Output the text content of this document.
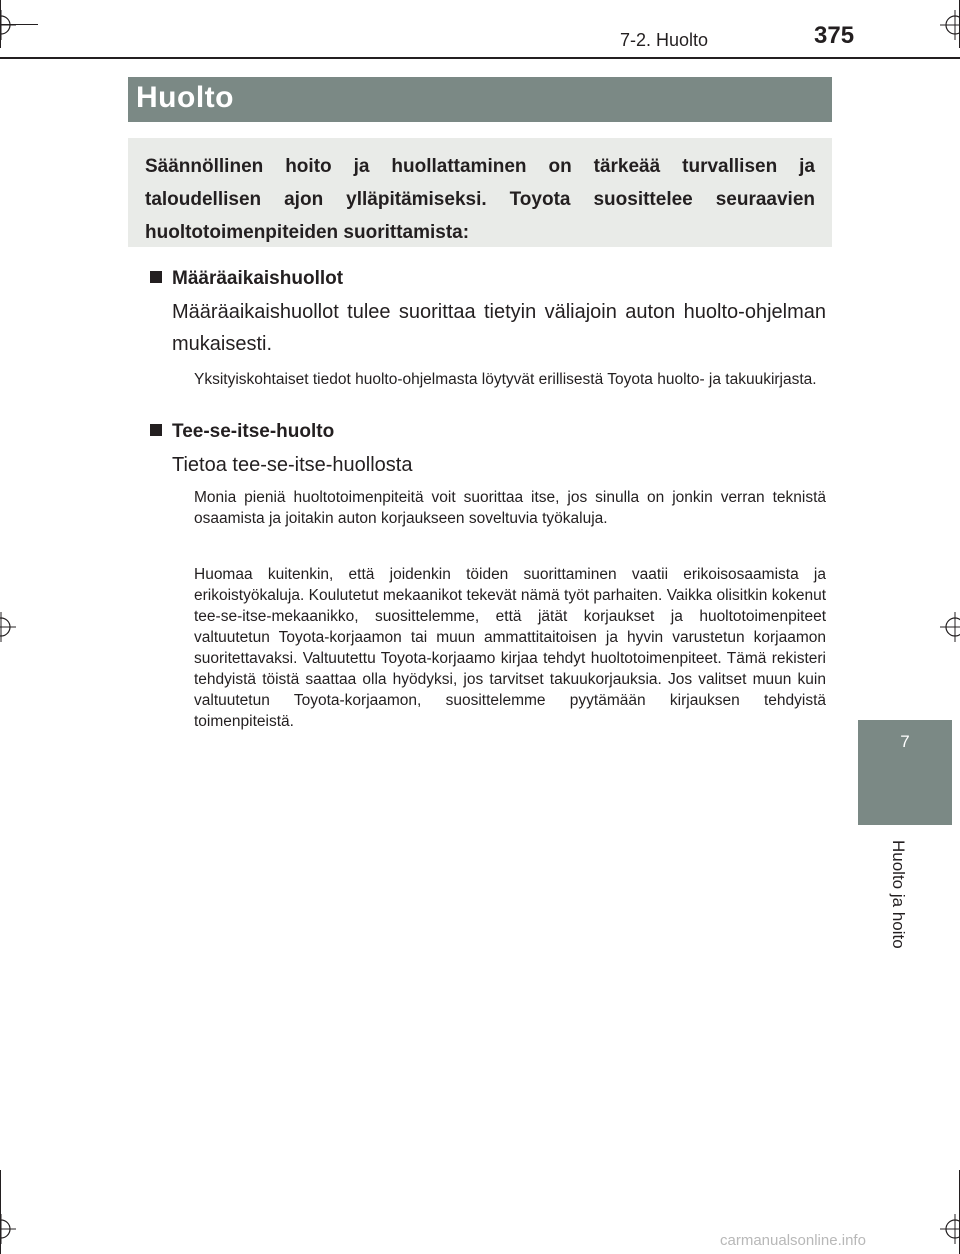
7-2. Huolto	375
Huolto

Säännöllinen hoito ja huollattaminen on tärkeää turvallisen ja taloudellisen ajon ylläpitämiseksi. Toyota suosittelee seuraavien huoltotoimenpiteiden suorittamista:

Määräaikaishuollot
Määräaikaishuollot tulee suorittaa tietyin väliajoin auton huolto-ohjelman mukaisesti.
Yksityiskohtaiset tiedot huolto-ohjelmasta löytyvät erillisestä Toyota huolto- ja takuukirjasta.
Tee-se-itse-huolto
Tietoa tee-se-itse-huollosta
Monia pieniä huoltotoimenpiteitä voit suorittaa itse, jos sinulla on jonkin verran teknistä osaamista ja joitakin auton korjaukseen soveltuvia työkaluja.
Huomaa kuitenkin, että joidenkin töiden suorittaminen vaatii erikoisosaamista ja erikoistyökaluja. Koulutetut mekaanikot tekevät nämä työt parhaiten. Vaikka olisitkin kokenut tee-se-itse-mekaanikko, suosittelemme, että jätät korjaukset ja huoltotoimenpiteet valtuutetun Toyota-korjaamon tai muun ammattitaitoisen ja hyvin varustetun korjaamon suoritettavaksi. Valtuutettu Toyota-korjaamo kirjaa tehdyt huoltotoimenpiteet. Tämä rekisteri tehdyistä töistä saattaa olla hyödyksi, jos tarvitset takuukorjauksia. Jos valitset muun kuin valtuutetun Toyota-korjaamon, suosittelemme pyytämään kirjauksen tehdyistä toimenpiteistä.
7
Huolto ja hoito
carmanualsonline.info
